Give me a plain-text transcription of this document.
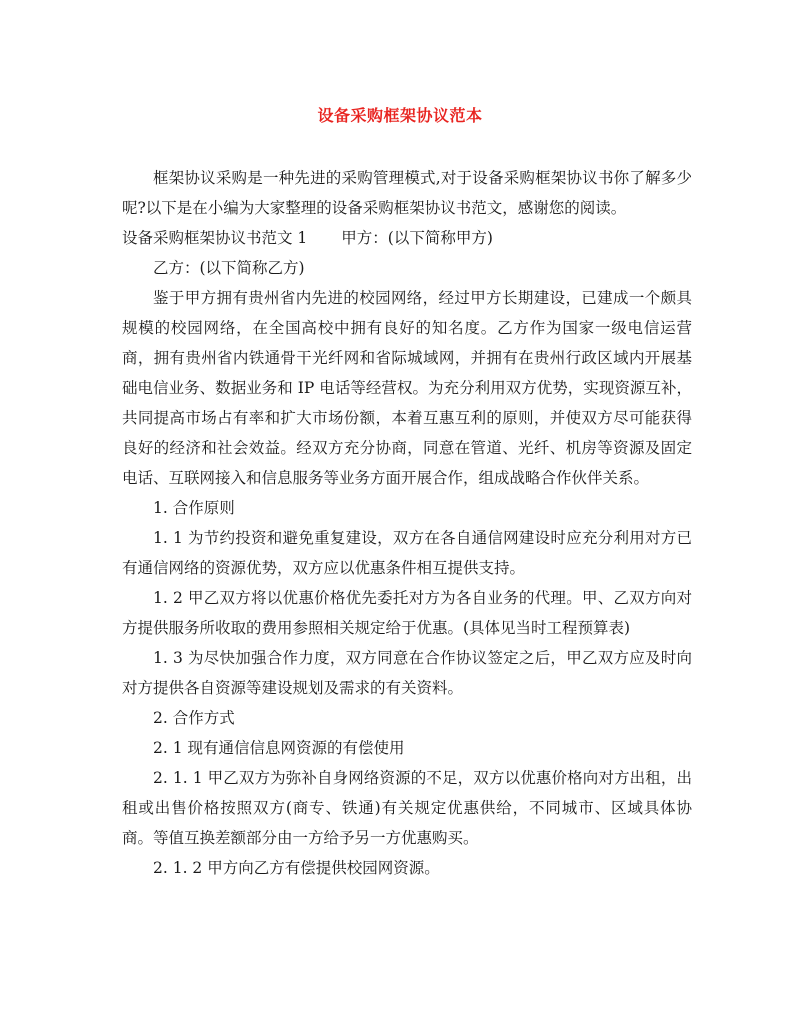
设备采购框架协议范本

框架协议采购是一种先进的采购管理模式,对于设备采购框架协议书你了解多少呢?以下是在小编为大家整理的设备采购框架协议书范文，感谢您的阅读。

设备采购框架协议书范文 1 甲方：(以下简称甲方)

乙方：(以下简称乙方)

鉴于甲方拥有贵州省内先进的校园网络，经过甲方长期建设，已建成一个颇具规模的校园网络，在全国高校中拥有良好的知名度。乙方作为国家一级电信运营商，拥有贵州省内铁通骨干光纤网和省际城域网，并拥有在贵州行政区域内开展基础电信业务、数据业务和 IP 电话等经营权。为充分利用双方优势，实现资源互补，共同提高市场占有率和扩大市场份额，本着互惠互利的原则，并使双方尽可能获得良好的经济和社会效益。经双方充分协商，同意在管道、光纤、机房等资源及固定电话、互联网接入和信息服务等业务方面开展合作，组成战略合作伙伴关系。

1. 合作原则

1. 1 为节约投资和避免重复建设，双方在各自通信网建设时应充分利用对方已有通信网络的资源优势，双方应以优惠条件相互提供支持。

1. 2 甲乙双方将以优惠价格优先委托对方为各自业务的代理。甲、乙双方向对方提供服务所收取的费用参照相关规定给于优惠。(具体见当时工程预算表)

1. 3 为尽快加强合作力度，双方同意在合作协议签定之后，甲乙双方应及时向对方提供各自资源等建设规划及需求的有关资料。

2. 合作方式

2. 1 现有通信信息网资源的有偿使用

2. 1. 1 甲乙双方为弥补自身网络资源的不足，双方以优惠价格向对方出租，出租或出售价格按照双方(商专、铁通)有关规定优惠供给，不同城市、区域具体协商。等值互换差额部分由一方给予另一方优惠购买。

2. 1. 2 甲方向乙方有偿提供校园网资源。
